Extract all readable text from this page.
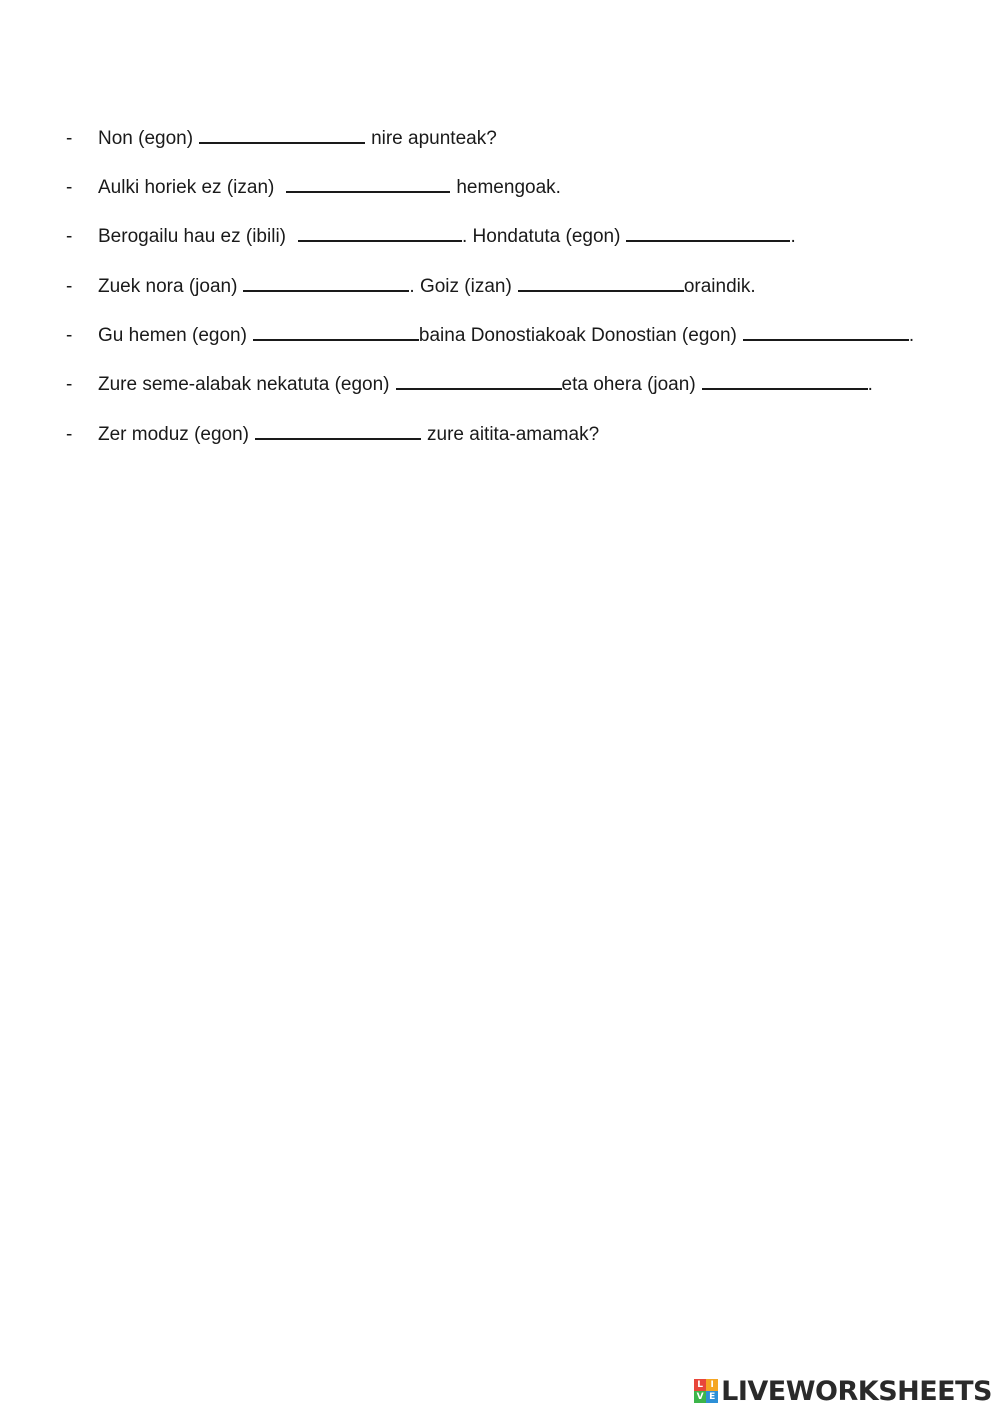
-	Non (egon)	nire apunteak?
-	Aulki horiek ez (izan)	hemengoak.
-	Berogailu hau ez (ibili)	. Hondatuta (egon)	.
-	Zuek nora (joan)	. Goiz (izan)	oraindik.
-	Gu hemen (egon)	baina Donostiakoak Donostian (egon)	.
-	Zure seme-alabak nekatuta (egon)	eta ohera (joan)	.
-	Zer moduz (egon)	zure aitita-amamak?
L I
V E LIVEWORKSHEETS
